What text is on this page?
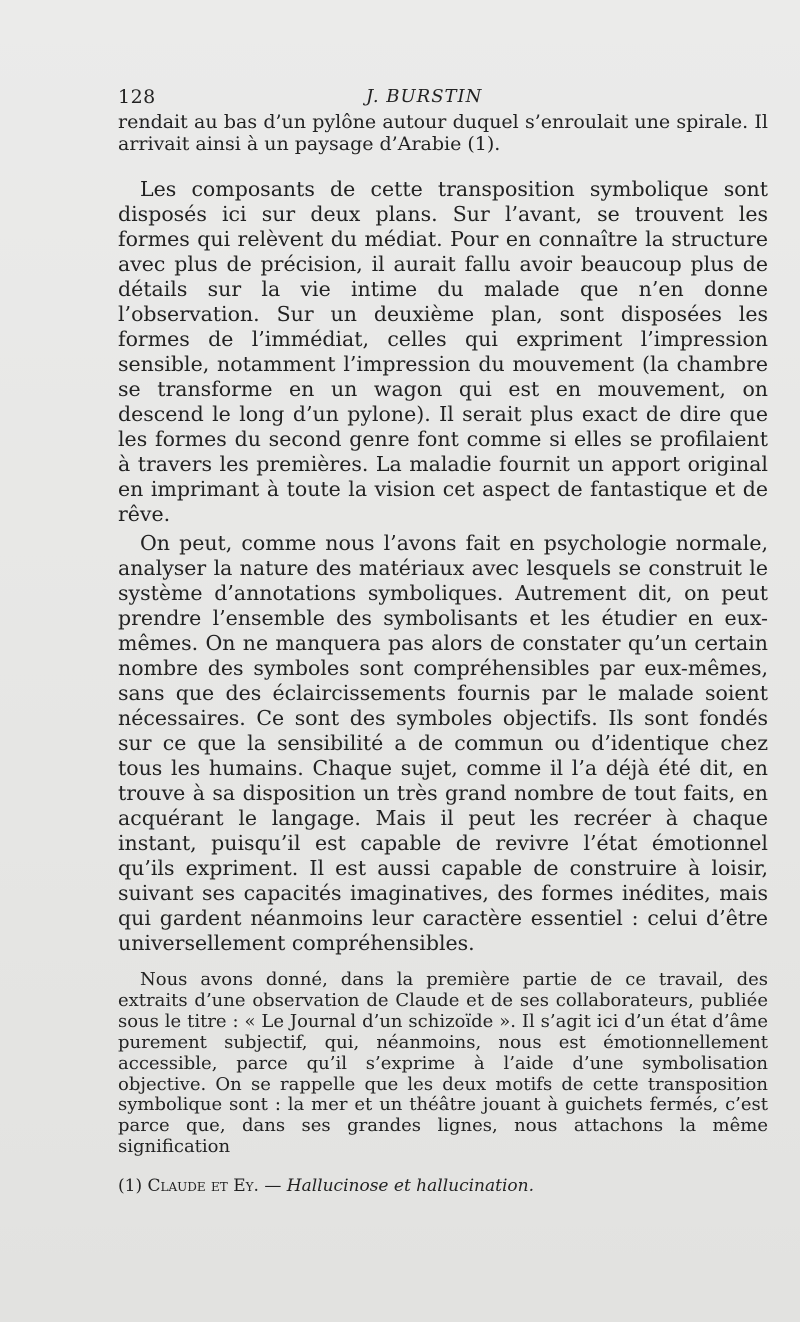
128	J. BURSTIN

rendait au bas d’un pylône autour duquel s’enroulait une spirale. Il arrivait ainsi à un paysage d’Arabie (1).

Les composants de cette transposition symbolique sont disposés ici sur deux plans. Sur l’avant, se trouvent les formes qui relèvent du médiat. Pour en connaître la structure avec plus de précision, il aurait fallu avoir beaucoup plus de détails sur la vie intime du malade que n’en donne l’observation. Sur un deuxième plan, sont disposées les formes de l’immédiat, celles qui expriment l’impression sensible, notamment l’impression du mouvement (la chambre se transforme en un wagon qui est en mouvement, on descend le long d’un pylone). Il serait plus exact de dire que les formes du second genre font comme si elles se profilaient à travers les premières. La maladie fournit un apport original en imprimant à toute la vision cet aspect de fantastique et de rêve.

On peut, comme nous l’avons fait en psychologie normale, analyser la nature des matériaux avec lesquels se construit le système d’annotations symboliques. Autrement dit, on peut prendre l’ensemble des symbolisants et les étudier en eux-mêmes. On ne manquera pas alors de constater qu’un certain nombre des symboles sont compréhensibles par eux-mêmes, sans que des éclaircissements fournis par le malade soient nécessaires. Ce sont des symboles objectifs. Ils sont fondés sur ce que la sensibilité a de commun ou d’identique chez tous les humains. Chaque sujet, comme il l’a déjà été dit, en trouve à sa disposition un très grand nombre de tout faits, en acquérant le langage. Mais il peut les recréer à chaque instant, puisqu’il est capable de revivre l’état émotionnel qu’ils expriment. Il est aussi capable de construire à loisir, suivant ses capacités imaginatives, des formes inédites, mais qui gardent néanmoins leur caractère essentiel : celui d’être universellement compréhensibles.

Nous avons donné, dans la première partie de ce travail, des extraits d’une observation de Claude et de ses collaborateurs, publiée sous le titre : « Le Journal d’un schizoïde ». Il s’agit ici d’un état d’âme purement subjectif, qui, néanmoins, nous est émotionnellement accessible, parce qu’il s’exprime à l’aide d’une symbolisation objective. On se rappelle que les deux motifs de cette transposition symbolique sont : la mer et un théâtre jouant à guichets fermés, c’est parce que, dans ses grandes lignes, nous attachons la même signification

(1) Claude et Ey. — Hallucinose et hallucination.
